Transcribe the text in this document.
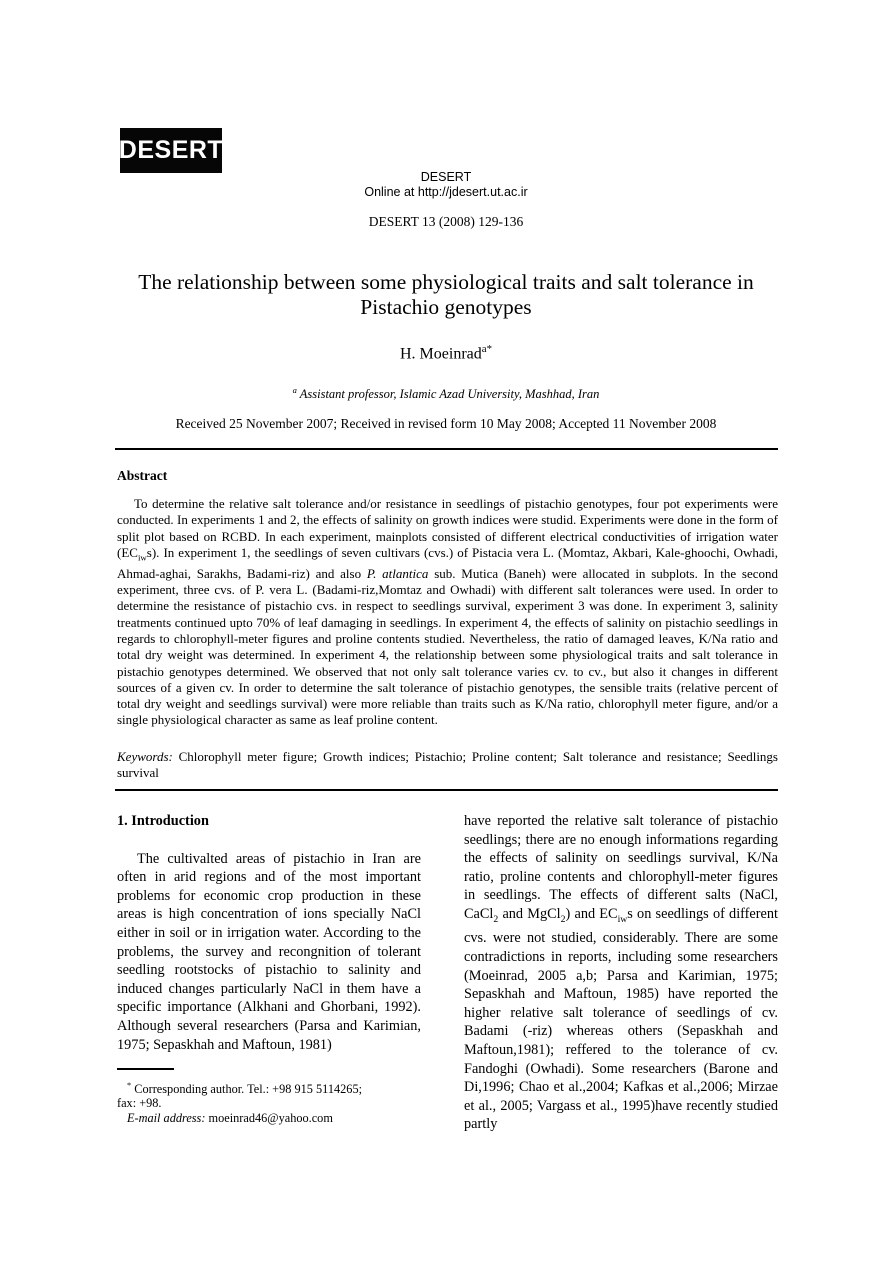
DESERT
DESERT
Online at http://jdesert.ut.ac.ir
DESERT 13 (2008) 129-136
The relationship between some physiological traits and salt tolerance in Pistachio genotypes
H. Moeinrad$^{a*}$
$^a$ Assistant professor, Islamic Azad University, Mashhad, Iran
Received 25 November 2007; Received in revised form 10 May 2008; Accepted 11 November 2008
Abstract
To determine the relative salt tolerance and/or resistance in seedlings of pistachio genotypes, four pot experiments were conducted. In experiments 1 and 2, the effects of salinity on growth indices were studid. Experiments were done in the form of split plot based on RCBD. In each experiment, mainplots consisted of different electrical conductivities of irrigation water $(EC_{iw}s)$. In experiment 1, the seedlings of seven cultivars (cvs.) of Pistacia vera L. (Momtaz, Akbari, Kale-ghoochi, Owhadi, Ahmad-aghai, Sarakhs, Badami-riz) and also P. atlantica sub. Mutica (Baneh) were allocated in subplots. In the second experiment, three cvs. of P. vera L. (Badami-riz,Momtaz and Owhadi) with different salt tolerances were used. In order to determine the resistance of pistachio cvs. in respect to seedlings survival, experiment 3 was done. In experiment 3, salinity treatments continued upto 70% of leaf damaging in seedlings. In experiment 4, the effects of salinity on pistachio seedlings in regards to chlorophyll-meter figures and proline contents studied. Nevertheless, the ratio of damaged leaves, K/Na ratio and total dry weight was determined. In experiment 4, the relationship between some physiological traits and salt tolerance in pistachio genotypes determined. We observed that not only salt tolerance varies cv. to cv., but also it changes in different sources of a given cv. In order to determine the salt tolerance of pistachio genotypes, the sensible traits (relative percent of total dry weight and seedlings survival) were more reliable than traits such as K/Na ratio, chlorophyll meter figure, and/or a single physiological character as same as leaf proline content.
Keywords: Chlorophyll meter figure; Growth indices; Pistachio; Proline content; Salt tolerance and resistance; Seedlings survival
1. Introduction

The cultivalted areas of pistachio in Iran are often in arid regions and of the most important problems for economic crop production in these areas is high concentration of ions specially NaCl either in soil or in irrigation water. According to the problems, the survey and recongnition of tolerant seedling rootstocks of pistachio to salinity and induced changes particularly NaCl in them have a specific importance (Alkhani and Ghorbani, 1992). Although several researchers (Parsa and Karimian, 1975; Sepaskhah and Maftoun, 1981)

have reported the relative salt tolerance of pistachio seedlings; there are no enough informations regarding the effects of salinity on seedlings survival, K/Na ratio, proline contents and chlorophyll-meter figures in seedlings. The effects of different salts (NaCl, CaCl$_2$ and MgCl$_2$) and $EC_{iw}s$ on seedlings of different cvs. were not studied, considerably. There are some contradictions in reports, including some researchers (Moeinrad, 2005 a,b; Parsa and Karimian, 1975; Sepaskhah and Maftoun, 1985) have reported the higher relative salt tolerance of seedlings of cv. Badami (-riz) whereas others (Sepaskhah and Maftoun,1981); reffered to the tolerance of cv. Fandoghi (Owhadi). Some researchers (Barone and Di,1996; Chao et al.,2004; Kafkas et al.,2006; Mirzae et al., 2005; Vargass et al., 1995)have recently studied partly

* Corresponding author. Tel.: +98 915 5114265;
fax: +98.
E-mail address: moeinrad46@yahoo.com
